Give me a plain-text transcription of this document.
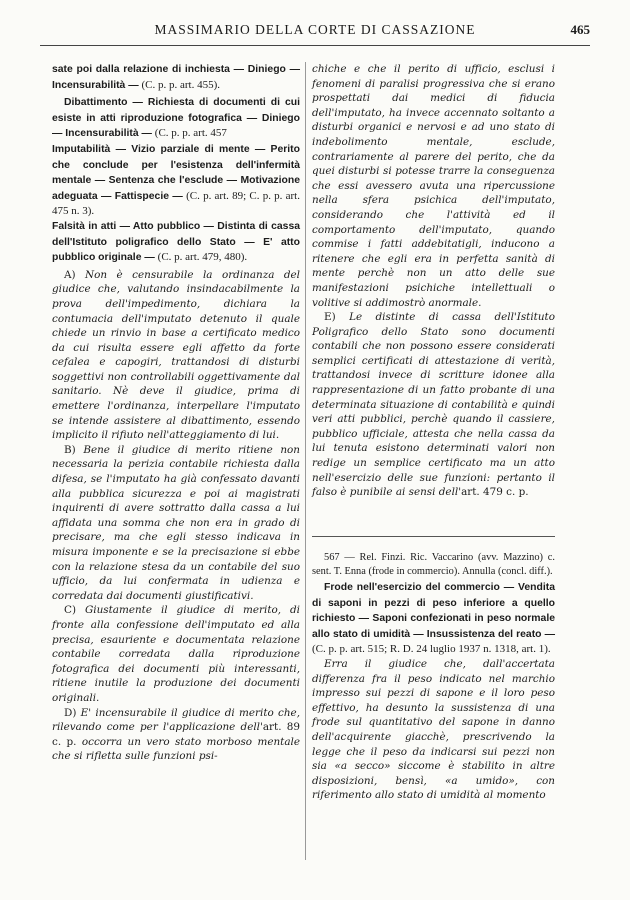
MASSIMARIO DELLA CORTE DI CASSAZIONE	465

sate poi dalla relazione di inchiesta — Diniego — Incensurabilità — (C. p. p. art. 455).

Dibattimento — Richiesta di documenti di cui esiste in atti riproduzione fotografica — Diniego — Incensurabilità — (C. p. p. art. 457

Imputabilità — Vizio parziale di mente — Perito che conclude per l'esistenza dell'infermità mentale — Sentenza che l'esclude — Motivazione adeguata — Fattispecie — (C. p. art. 89; C. p. p. art. 475 n. 3).

Falsità in atti — Atto pubblico — Distinta di cassa dell'Istituto poligrafico dello Stato — E' atto pubblico originale — (C. p. art. 479, 480).

A) Non è censurabile la ordinanza del giudice che, valutando insindacabilmente la prova dell'impedimento, dichiara la contumacia dell'imputato detenuto il quale chiede un rinvio in base a certificato medico da cui risulta essere egli affetto da forte cefalea e capogiri, trattandosi di disturbi soggettivi non controllabili oggettivamente dal sanitario. Nè deve il giudice, prima di emettere l'ordinanza, interpellare l'imputato se intende assistere al dibattimento, essendo implicito il rifiuto nell'atteggiamento di lui.

B) Bene il giudice di merito ritiene non necessaria la perizia contabile richiesta dalla difesa, se l'imputato ha già confessato davanti alla pubblica sicurezza e poi ai magistrati inquirenti di avere sottratto dalla cassa a lui affidata una somma che non era in grado di precisare, ma che egli stesso indicava in misura imponente e se la precisazione si ebbe con la relazione stesa da un contabile del suo ufficio, da lui confermata in udienza e corredata dai documenti giustificativi.

C) Giustamente il giudice di merito, di fronte alla confessione dell'imputato ed alla precisa, esauriente e documentata relazione contabile corredata dalla riproduzione fotografica dei documenti più interessanti, ritiene inutile la produzione dei documenti originali.

D) E' incensurabile il giudice di merito che, rilevando come per l'applicazione dell'art. 89 c. p. occorra un vero stato morboso mentale che si rifletta sulle funzioni psi-

chiche e che il perito di ufficio, esclusi i fenomeni di paralisi progressiva che si erano prospettati dai medici di fiducia dell'imputato, ha invece accennato soltanto a disturbi organici e nervosi e ad uno stato di indebolimento mentale, esclude, contrariamente al parere del perito, che da quei disturbi si potesse trarre la conseguenza che essi avessero avuta una ripercussione nella sfera psichica dell'imputato, considerando che l'attività ed il comportamento dell'imputato, quando commise i fatti addebitatigli, inducono a ritenere che egli era in perfetta sanità di mente perchè non un atto delle sue manifestazioni psichiche intellettuali o volitive si addimostrò anormale.

E) Le distinte di cassa dell'Istituto Poligrafico dello Stato sono documenti contabili che non possono essere considerati semplici certificati di attestazione di verità, trattandosi invece di scritture idonee alla rappresentazione di un fatto probante di una determinata situazione di contabilità e quindi veri atti pubblici, perchè quando il cassiere, pubblico ufficiale, attesta che nella cassa da lui tenuta esistono determinati valori non redige un semplice certificato ma un atto nell'esercizio delle sue funzioni: pertanto il falso è punibile ai sensi dell'art. 479 c. p.

567 — Rel. Finzi. Ric. Vaccarino (avv. Mazzino) c. sent. T. Enna (frode in commercio). Annulla (concl. diff.).

Frode nell'esercizio del commercio — Vendita di saponi in pezzi di peso inferiore a quello richiesto — Saponi confezionati in peso normale allo stato di umidità — Insussistenza del reato — (C. p. p. art. 515; R. D. 24 luglio 1937 n. 1318, art. 1).

Erra il giudice che, dall'accertata differenza fra il peso indicato nel marchio impresso sui pezzi di sapone e il loro peso effettivo, ha desunto la sussistenza di una frode sul quantitativo del sapone in danno dell'acquirente giacchè, prescrivendo la legge che il peso da indicarsi sui pezzi non sia «a secco» siccome è stabilito in altre disposizioni, bensì, «a umido», con riferimento allo stato di umidità al momento
